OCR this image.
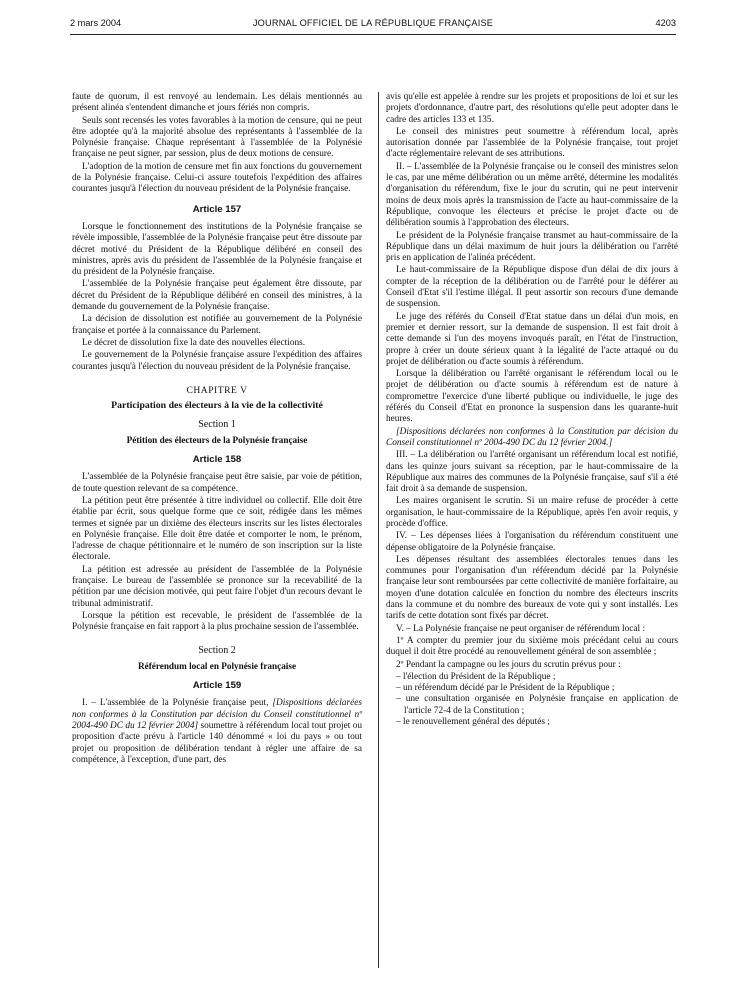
2 mars 2004	JOURNAL OFFICIEL DE LA RÉPUBLIQUE FRANÇAISE	4203

faute de quorum, il est renvoyé au lendemain. Les délais mentionnés au présent alinéa s'entendent dimanche et jours fériés non compris.

Seuls sont recensés les votes favorables à la motion de censure, qui ne peut être adoptée qu'à la majorité absolue des représentants à l'assemblée de la Polynésie française. Chaque représentant à l'assemblée de la Polynésie française ne peut signer, par session, plus de deux motions de censure.

L'adoption de la motion de censure met fin aux fonctions du gouvernement de la Polynésie française. Celui-ci assure toutefois l'expédition des affaires courantes jusqu'à l'élection du nouveau président de la Polynésie française.

Article 157

Lorsque le fonctionnement des institutions de la Polynésie française se révèle impossible, l'assemblée de la Polynésie française peut être dissoute par décret motivé du Président de la République délibéré en conseil des ministres, après avis du président de l'assemblée de la Polynésie française et du président de la Polynésie française.

L'assemblée de la Polynésie française peut également être dissoute, par décret du Président de la République délibéré en conseil des ministres, à la demande du gouvernement de la Polynésie française.

La décision de dissolution est notifiée au gouvernement de la Polynésie française et portée à la connaissance du Parlement.

Le décret de dissolution fixe la date des nouvelles élections.

Le gouvernement de la Polynésie française assure l'expédition des affaires courantes jusqu'à l'élection du nouveau président de la Polynésie française.

CHAPITRE V
Participation des électeurs à la vie de la collectivité
Section 1
Pétition des électeurs de la Polynésie française
Article 158

L'assemblée de la Polynésie française peut être saisie, par voie de pétition, de toute question relevant de sa compétence.

La pétition peut être présentée à titre individuel ou collectif. Elle doit être établie par écrit, sous quelque forme que ce soit, rédigée dans les mêmes termes et signée par un dixième des électeurs inscrits sur les listes électorales en Polynésie française. Elle doit être datée et comporter le nom, le prénom, l'adresse de chaque pétitionnaire et le numéro de son inscription sur la liste électorale.

La pétition est adressée au président de l'assemblée de la Polynésie française. Le bureau de l'assemblée se prononce sur la recevabilité de la pétition par une décision motivée, qui peut faire l'objet d'un recours devant le tribunal administratif.

Lorsque la pétition est recevable, le président de l'assemblée de la Polynésie française en fait rapport à la plus prochaine session de l'assemblée.

Section 2
Référendum local en Polynésie française
Article 159

I. – L'assemblée de la Polynésie française peut, [Dispositions déclarées non conformes à la Constitution par décision du Conseil constitutionnel nº 2004-490 DC du 12 février 2004] soumettre à référendum local tout projet ou proposition d'acte prévu à l'article 140 dénommé « loi du pays » ou tout projet ou proposition de délibération tendant à régler une affaire de sa compétence, à l'exception, d'une part, des

avis qu'elle est appelée à rendre sur les projets et propositions de loi et sur les projets d'ordonnance, d'autre part, des résolutions qu'elle peut adopter dans le cadre des articles 133 et 135.

Le conseil des ministres peut soumettre à référendum local, après autorisation donnée par l'assemblée de la Polynésie française, tout projet d'acte réglementaire relevant de ses attributions.

II. – L'assemblée de la Polynésie française ou le conseil des ministres selon le cas, par une même délibération ou un même arrêté, détermine les modalités d'organisation du référendum, fixe le jour du scrutin, qui ne peut intervenir moins de deux mois après la transmission de l'acte au haut-commissaire de la République, convoque les électeurs et précise le projet d'acte ou de délibération soumis à l'approbation des électeurs.

Le président de la Polynésie française transmet au haut-commissaire de la République dans un délai maximum de huit jours la délibération ou l'arrêté pris en application de l'alinéa précédent.

Le haut-commissaire de la République dispose d'un délai de dix jours à compter de la réception de la délibération ou de l'arrêté pour le déférer au Conseil d'Etat s'il l'estime illégal. Il peut assortir son recours d'une demande de suspension.

Le juge des référés du Conseil d'Etat statue dans un délai d'un mois, en premier et dernier ressort, sur la demande de suspension. Il est fait droit à cette demande si l'un des moyens invoqués paraît, en l'état de l'instruction, propre à créer un doute sérieux quant à la légalité de l'acte attaqué ou du projet de délibération ou d'acte soumis à référendum.

Lorsque la délibération ou l'arrêté organisant le référendum local ou le projet de délibération ou d'acte soumis à référendum est de nature à compromettre l'exercice d'une liberté publique ou individuelle, le juge des référés du Conseil d'Etat en prononce la suspension dans les quarante-huit heures.

[Dispositions déclarées non conformes à la Constitution par décision du Conseil constitutionnel nº 2004-490 DC du 12 février 2004.]

III. – La délibération ou l'arrêté organisant un référendum local est notifié, dans les quinze jours suivant sa réception, par le haut-commissaire de la République aux maires des communes de la Polynésie française, sauf s'il a été fait droit à sa demande de suspension.

Les maires organisent le scrutin. Si un maire refuse de procéder à cette organisation, le haut-commissaire de la République, après l'en avoir requis, y procède d'office.

IV. – Les dépenses liées à l'organisation du référendum constituent une dépense obligatoire de la Polynésie française.

Les dépenses résultant des assemblées électorales tenues dans les communes pour l'organisation d'un référendum décidé par la Polynésie française leur sont remboursées par cette collectivité de manière forfaitaire, au moyen d'une dotation calculée en fonction du nombre des électeurs inscrits dans la commune et du nombre des bureaux de vote qui y sont installés. Les tarifs de cette dotation sont fixés par décret.

V. – La Polynésie française ne peut organiser de référendum local :

1º A compter du premier jour du sixième mois précédant celui au cours duquel il doit être procédé au renouvellement général de son assemblée ;

2º Pendant la campagne ou les jours du scrutin prévus pour :

– l'élection du Président de la République ;
– un référendum décidé par le Président de la République ;
– une consultation organisée en Polynésie française en application de l'article 72-4 de la Constitution ;
– le renouvellement général des députés ;
